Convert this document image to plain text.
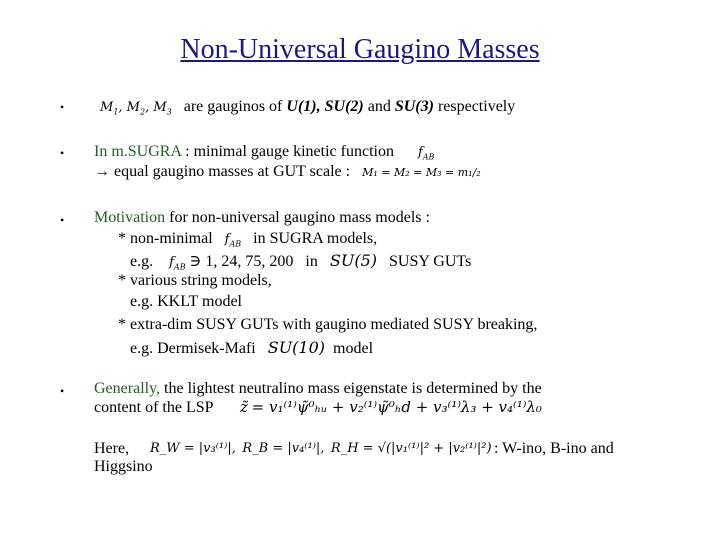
Non-Universal Gaugino Masses
•	$M_1$, $M_2$, $M_3$ are gauginos of U(1), SU(2) and SU(3) respectively
• In m.SUGRA : minimal gauge kinetic function $f_{AB}$
→ equal gaugino masses at GUT scale : M₁ = M₂ = M₃ = m₁/₂
• Motivation for non-universal gaugino mass models :
* non-minimal $f_{AB}$ in SUGRA models,
e.g. $f_{AB}$ ∋ 1, 24, 75, 200 in SU(5) SUSY GUTs
* various string models,
e.g. KKLT model
* extra-dim SUSY GUTs with gaugino mediated SUSY breaking,
e.g. Dermisek-Mafi SU(10) model
• Generally, the lightest neutralino mass eigenstate is determined by the
content of the LSP z̃ = v₁⁽¹⁾ψ̃⁰ₕᵤ + v₂⁽¹⁾ψ̃⁰ₕd + v₃⁽¹⁾λ₃ + v₄⁽¹⁾λ₀
Here, R_W = |v₃⁽¹⁾|, R_B = |v₄⁽¹⁾|, R_H = √(|v₁⁽¹⁾|² + |v₂⁽¹⁾|²) : W-ino, B-ino and
Higgsino
